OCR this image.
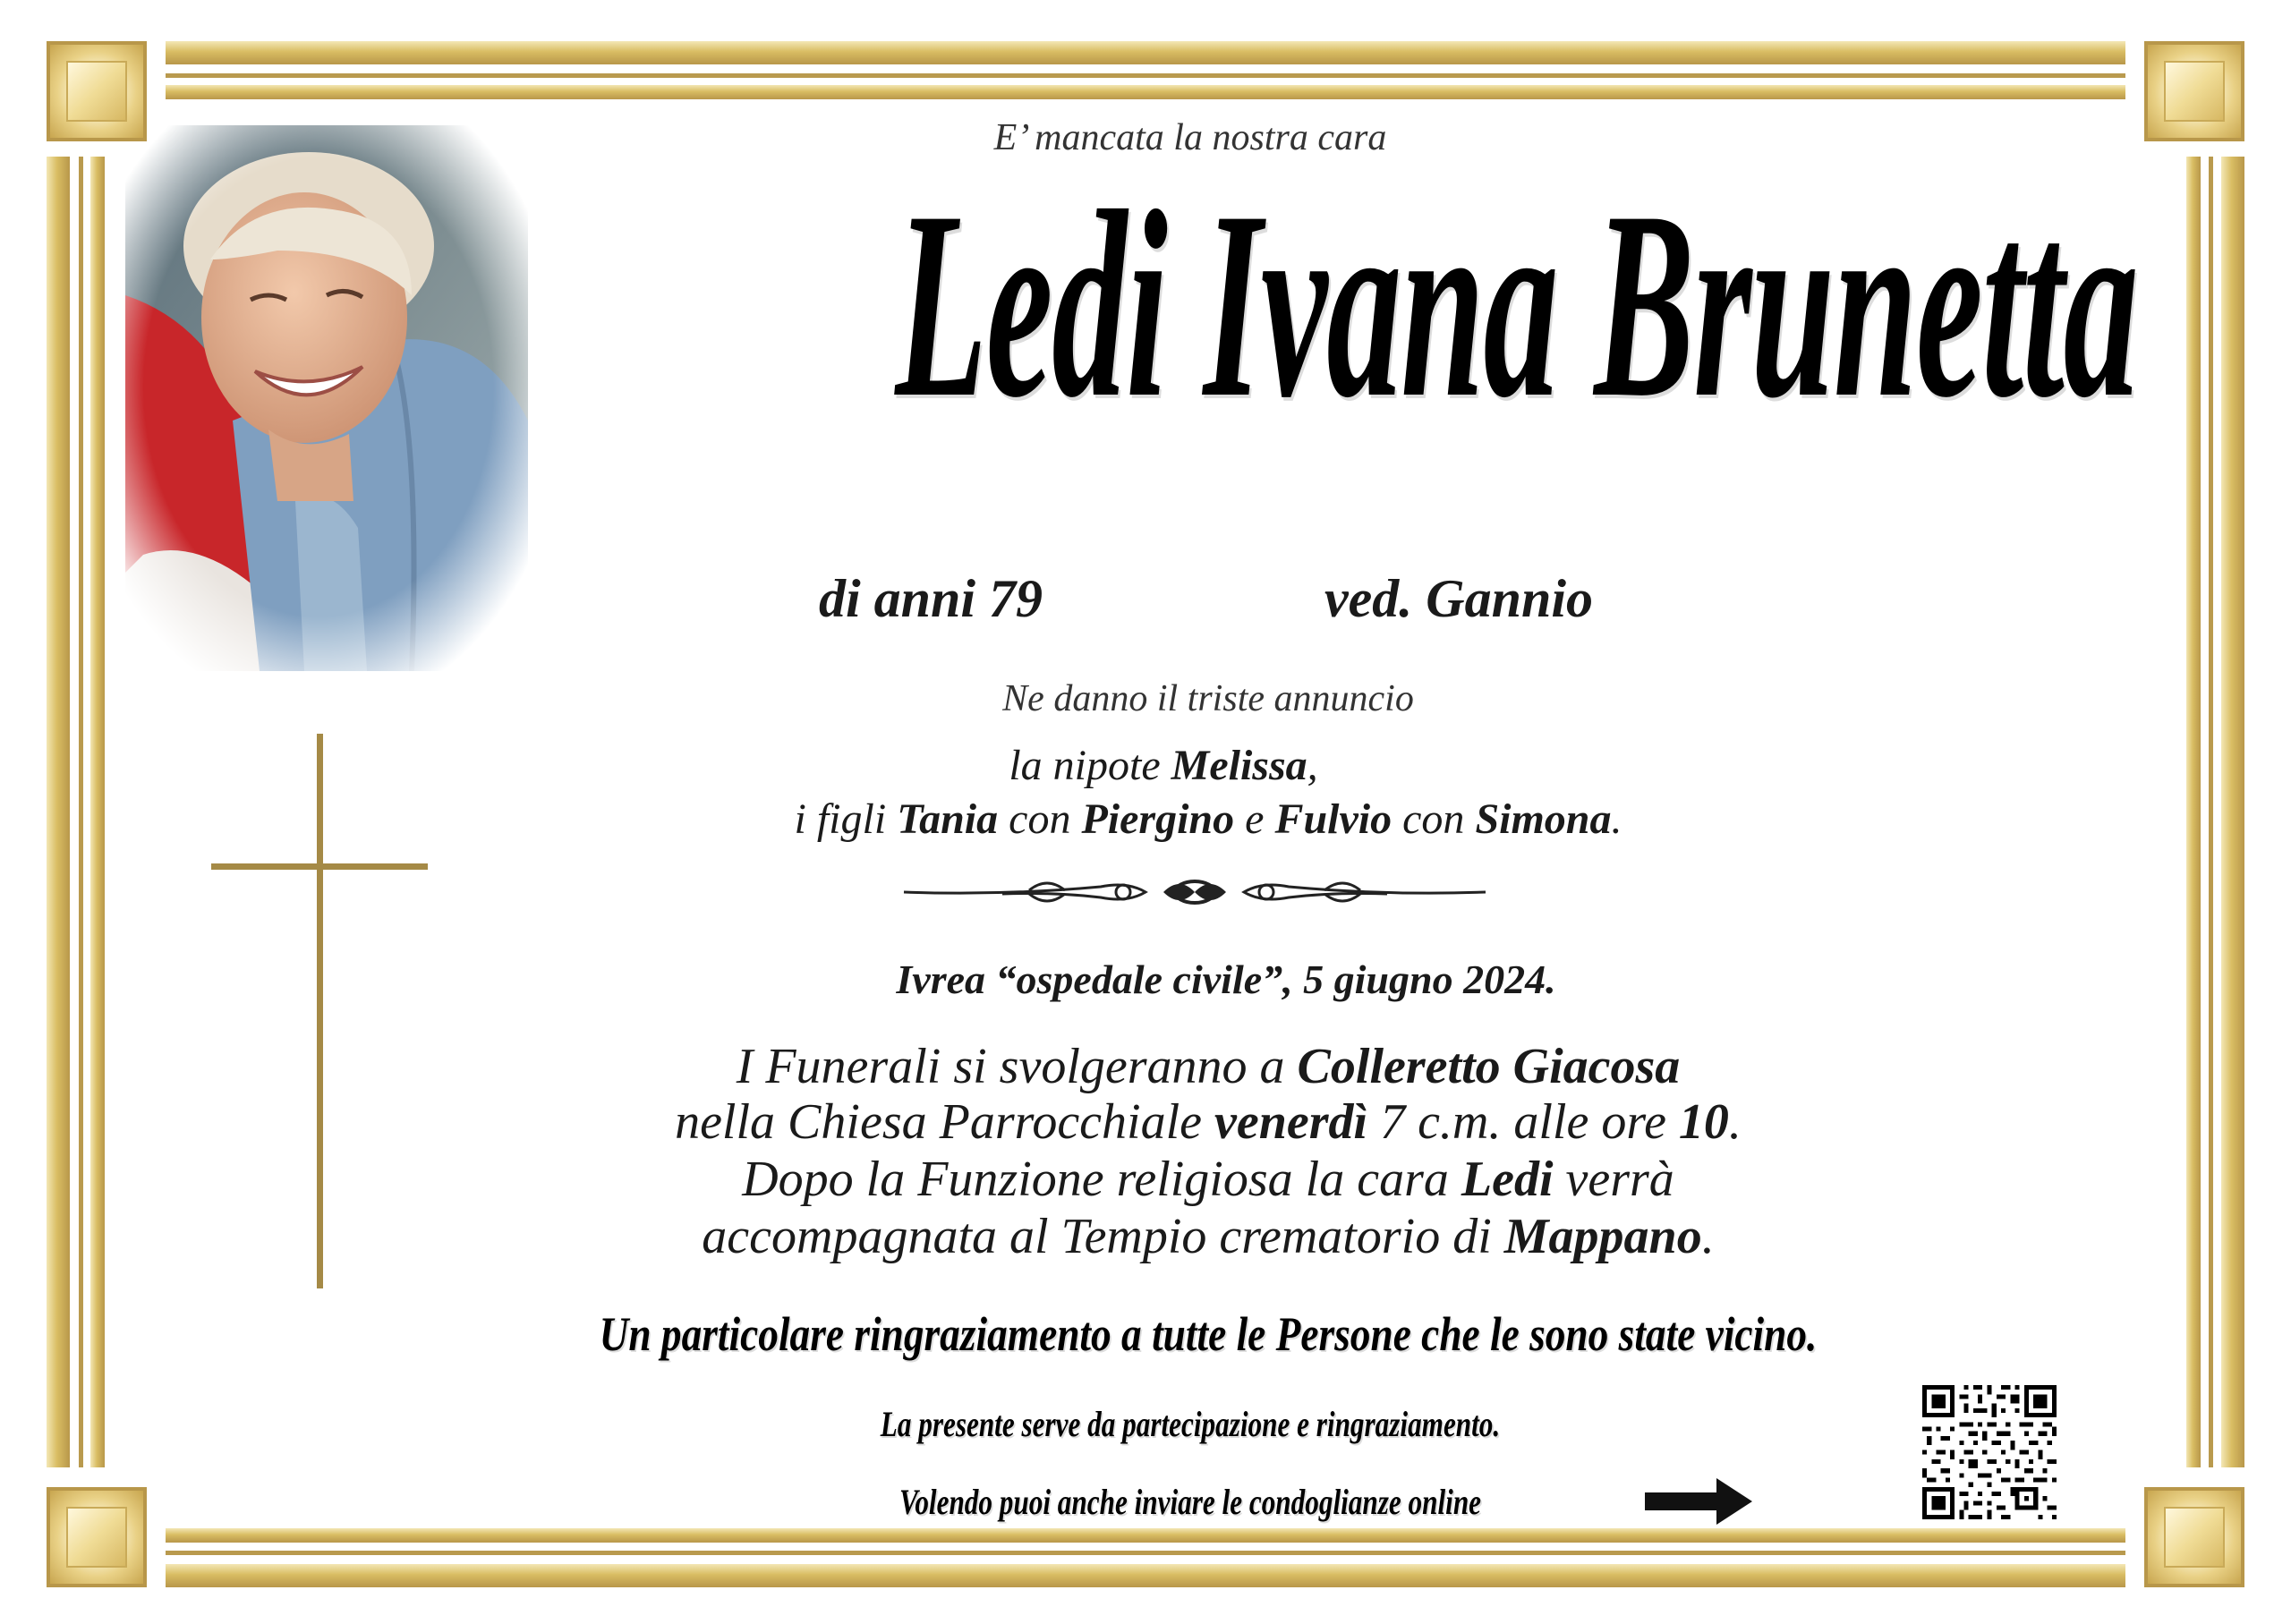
E’ mancata la nostra cara
Ledi Ivana Brunetta
di anni 79	ved. Gannio
Ne danno il triste annuncio
la nipote Melissa,
i figli Tania con Piergino e Fulvio con Simona.
Ivrea “ospedale civile”, 5 giugno 2024.
I Funerali si svolgeranno a Colleretto Giacosa
nella Chiesa Parrocchiale venerdì 7 c.m. alle ore 10.
Dopo la Funzione religiosa la cara Ledi verrà
accompagnata al Tempio crematorio di Mappano.
Un particolare ringraziamento a tutte le Persone che le sono state vicino.
La presente serve da partecipazione e ringraziamento.
Volendo puoi anche inviare le condoglianze online
